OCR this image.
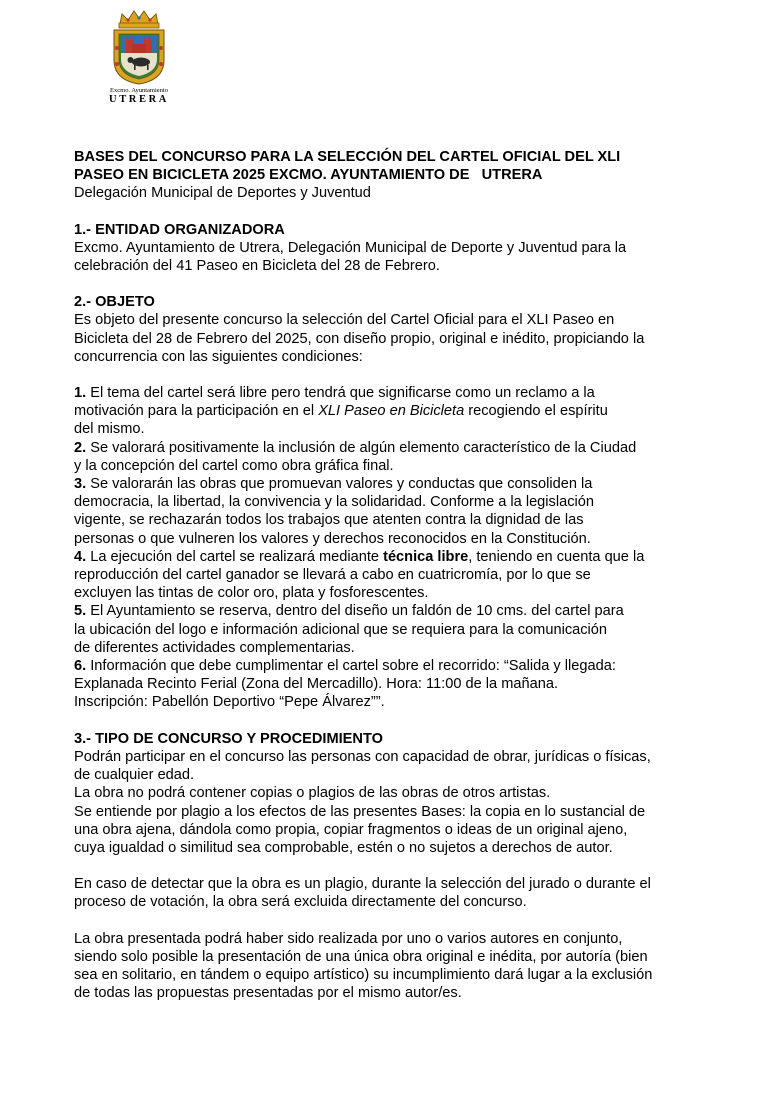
Excmo. Ayuntamiento
UTRERA

BASES DEL CONCURSO PARA LA SELECCIÓN DEL CARTEL OFICIAL DEL XLI

PASEO EN BICICLETA 2025 EXCMO. AYUNTAMIENTO DE   UTRERA

Delegación Municipal de Deportes y Juventud

1.- ENTIDAD ORGANIZADORA

Excmo. Ayuntamiento de Utrera, Delegación Municipal de Deporte y Juventud para la

celebración del 41 Paseo en Bicicleta del 28 de Febrero.

2.- OBJETO

Es objeto del presente concurso la selección del Cartel Oficial para el XLI Paseo en

Bicicleta del 28 de Febrero del 2025, con diseño propio, original e inédito, propiciando la

concurrencia con las siguientes condiciones:

1. El tema del cartel será libre pero tendrá que significarse como un reclamo a la

motivación para la participación en el XLI Paseo en Bicicleta recogiendo el espíritu

del mismo.

2. Se valorará positivamente la inclusión de algún elemento característico de la Ciudad

y la concepción del cartel como obra gráfica final.

3. Se valorarán las obras que promuevan valores y conductas que consoliden la

democracia, la libertad, la convivencia y la solidaridad. Conforme a la legislación

vigente, se rechazarán todos los trabajos que atenten contra la dignidad de las

personas o que vulneren los valores y derechos reconocidos en la Constitución.

4. La ejecución del cartel se realizará mediante técnica libre, teniendo en cuenta que la

reproducción del cartel ganador se llevará a cabo en cuatricromía, por lo que se

excluyen las tintas de color oro, plata y fosforescentes.

5. El Ayuntamiento se reserva, dentro del diseño un faldón de 10 cms. del cartel para

la ubicación del logo e información adicional que se requiera para la comunicación

de diferentes actividades complementarias.

6. Información que debe cumplimentar el cartel sobre el recorrido: “Salida y llegada:

Explanada Recinto Ferial (Zona del Mercadillo). Hora: 11:00 de la mañana.

Inscripción: Pabellón Deportivo “Pepe Álvarez””.

3.- TIPO DE CONCURSO Y PROCEDIMIENTO

Podrán participar en el concurso las personas con capacidad de obrar, jurídicas o físicas,

de cualquier edad.

La obra no podrá contener copias o plagios de las obras de otros artistas.

Se entiende por plagio a los efectos de las presentes Bases: la copia en lo sustancial de

una obra ajena, dándola como propia, copiar fragmentos o ideas de un original ajeno,

cuya igualdad o similitud sea comprobable, estén o no sujetos a derechos de autor.

En caso de detectar que la obra es un plagio, durante la selección del jurado o durante el

proceso de votación, la obra será excluida directamente del concurso.

La obra presentada podrá haber sido realizada por uno o varios autores en conjunto,

siendo solo posible la presentación de una única obra original e inédita, por autoría (bien

sea en solitario, en tándem o equipo artístico) su incumplimiento dará lugar a la exclusión

de todas las propuestas presentadas por el mismo autor/es.
